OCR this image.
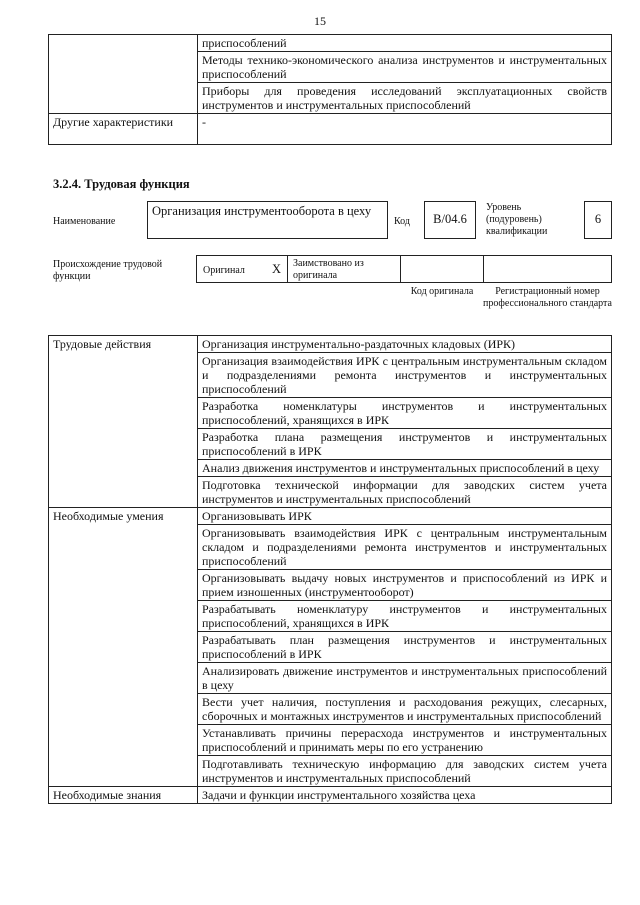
15
	приспособлений
	Методы технико-экономического анализа инструментов и инструментальных приспособлений
	Приборы для проведения исследований эксплуатационных свойств инструментов и инструментальных приспособлений
Другие характеристики	-
3.2.4. Трудовая функция
Наименование
Организация инструментооборота в цеху
Код	B/04.6
Уровень (подуровень) квалификации
6
Происхождение трудовой функции
Оригинал X Заимствовано из оригинала
Код оригинала	Регистрационный номер профессионального стандарта
Трудовые действия	Организация инструментально-раздаточных кладовых (ИРК)
	Организация взаимодействия ИРК с центральным инструментальным складом и подразделениями ремонта инструментов и инструментальных приспособлений
	Разработка номенклатуры инструментов и инструментальных приспособлений, хранящихся в ИРК
	Разработка плана размещения инструментов и инструментальных приспособлений в ИРК
	Анализ движения инструментов и инструментальных приспособлений в цеху
	Подготовка технической информации для заводских систем учета инструментов и инструментальных приспособлений
Необходимые умения	Организовывать ИРК
	Организовывать взаимодействия ИРК с центральным инструментальным складом и подразделениями ремонта инструментов и инструментальных приспособлений
	Организовывать выдачу новых инструментов и приспособлений из ИРК и прием изношенных (инструментооборот)
	Разрабатывать номенклатуру инструментов и инструментальных приспособлений, хранящихся в ИРК
	Разрабатывать план размещения инструментов и инструментальных приспособлений в ИРК
	Анализировать движение инструментов и инструментальных приспособлений в цеху
	Вести учет наличия, поступления и расходования режущих, слесарных, сборочных и монтажных инструментов и инструментальных приспособлений
	Устанавливать причины перерасхода инструментов и инструментальных приспособлений и принимать меры по его устранению
	Подготавливать техническую информацию для заводских систем учета инструментов и инструментальных приспособлений
Необходимые знания	Задачи и функции инструментального хозяйства цеха
